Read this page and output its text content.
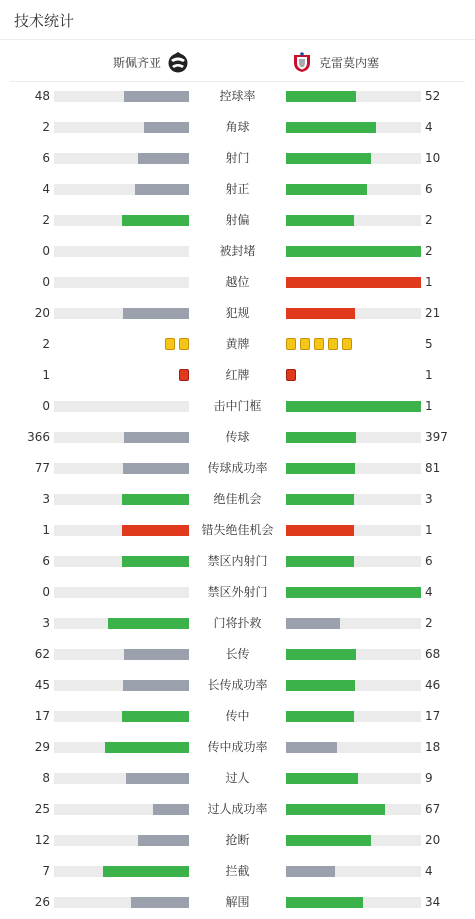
技术统计
斯佩齐亚	克雷莫内塞
48	控球率	52
2	角球	4
6	射门	10
4	射正	6
2	射偏	2
0	被封堵	2
0	越位	1
20	犯规	21
2	黄牌	5
1	红牌	1
0	击中门框	1
366	传球	397
77	传球成功率	81
3	绝佳机会	3
1	错失绝佳机会	1
6	禁区内射门	6
0	禁区外射门	4
3	门将扑救	2
62	长传	68
45	长传成功率	46
17	传中	17
29	传中成功率	18
8	过人	9
25	过人成功率	67
12	抢断	20
7	拦截	4
26	解围	34
